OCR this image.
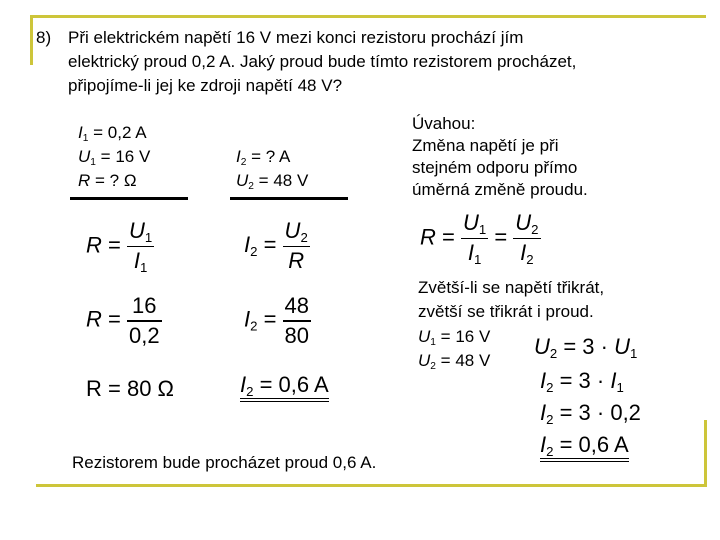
8) Při elektrickém napětí 16 V mezi konci rezistoru prochází jím
elektrický proud 0,2 A. Jaký proud bude tímto rezistorem procházet,
připojíme-li jej ke zdroji napětí 48 V?
$I_1 = 0,2$ A
$U_1 = 16$ V
R = ? Ω
$I_2$ = ? A
$U_2 = 48$ V
Úvahou:
Změna napětí je při
stejném odporu přímo
úměrná změně proudu.
$R = \frac{U_1}{I_1}$
$R = \frac{16}{0,2}$
R = 80 Ω
$I_2 = \frac{U_2}{R}$
$I_2 = \frac{48}{80}$
$I_2 = 0,6$ A
$R = \frac{U_1}{I_1} = \frac{U_2}{I_2}$
Zvětší-li se napětí třikrát,
zvětší se třikrát i proud.
$U_1 = 16$ V
$U_2 = 48$ V
$U_2 = 3 \cdot U_1$
$I_2 = 3 \cdot I_1$
$I_2 = 3 \cdot 0,2$
$I_2 = 0,6$ A
Rezistorem bude procházet proud 0,6 A.
